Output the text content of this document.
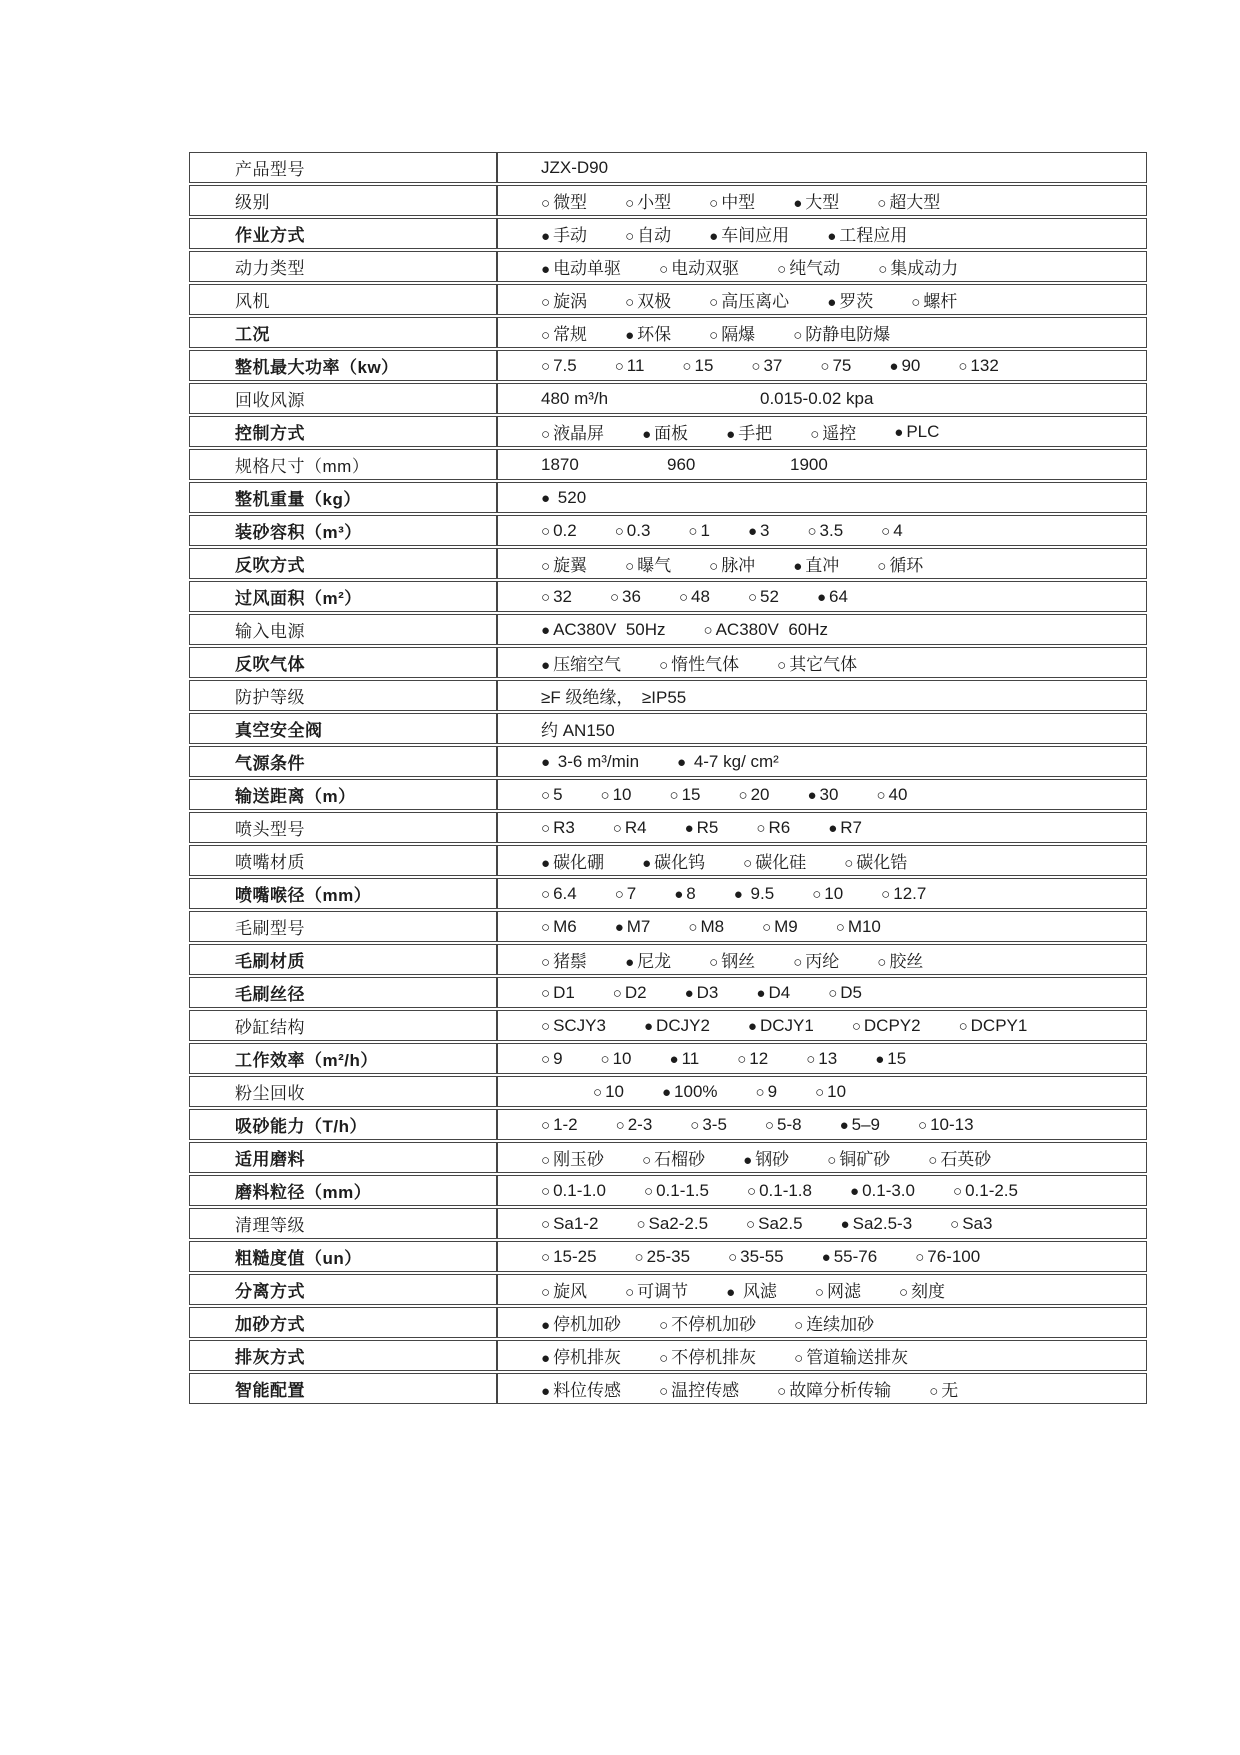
产品型号	JZX-D90

级别	○ 微型	○ 小型	○ 中型	● 大型	○ 超大型

作业方式	● 手动	○ 自动	● 车间应用	● 工程应用

动力类型	● 电动单驱	○ 电动双驱	○ 纯气动	○ 集成动力

风机	○ 旋涡	○ 双极	○ 高压离心	● 罗茨	○ 螺杆

工况	○ 常规	● 环保	○ 隔爆	○ 防静电防爆

整机最大功率（kw）	○ 7.5	○ 11	○ 15	○ 37	○ 75	● 90	○ 132

回收风源	480 m³/h 0.015-0.02 kpa

控制方式	○ 液晶屏	● 面板	● 手把	○ 遥控	● PLC

规格尺寸（mm）	1870 960 1900

整机重量（kg）	● 520

装砂容积（m³）	○ 0.2	○ 0.3	○ 1	● 3	○ 3.5	○ 4

反吹方式	○ 旋翼	○ 曝气	○ 脉冲	● 直冲	○ 循环

过风面积（m²）	○ 32	○ 36	○ 48	○ 52	● 64

输入电源	● AC380V  50Hz ○ AC380V  60Hz

反吹气体	● 压缩空气	○ 惰性气体	○ 其它气体

防护等级	≥F 级绝缘，　≥IP55

真空安全阀	约 AN150

气源条件	● 3-6 m³/min ● 4-7 kg/ cm²

输送距离（m）	○ 5	○ 10	○ 15	○ 20	● 30	○ 40

喷头型号	○ R3	○ R4	● R5	○ R6	● R7

喷嘴材质	● 碳化硼	● 碳化钨	○ 碳化硅	○ 碳化锆

喷嘴喉径（mm）	○ 6.4	○ 7	● 8	● 9.5	○ 10	○ 12.7

毛刷型号	○ M6	● M7	○ M8	○ M9	○ M10

毛刷材质	○ 猪鬃	● 尼龙	○ 钢丝	○ 丙纶	○ 胶丝

毛刷丝径	○ D1	○ D2	● D3	● D4	○ D5

砂缸结构	○ SCJY3	● DCJY2	● DCJY1	○ DCPY2	○ DCPY1

工作效率（m²/h）	○ 9	○ 10	● 11	○ 12	○ 13	● 15

粉尘回收	○ 10	● 100%	○ 9	○ 10

吸砂能力（T/h）	○ 1-2	○ 2-3	○ 3-5	○ 5-8	● 5–9	○ 10-13

适用磨料	○ 刚玉砂	○ 石榴砂	● 钢砂	○ 铜矿砂	○ 石英砂

磨料粒径（mm）	○ 0.1-1.0	○ 0.1-1.5	○ 0.1-1.8	● 0.1-3.0	○ 0.1-2.5

清理等级	○ Sa1-2	○ Sa2-2.5	○ Sa2.5	● Sa2.5-3	○ Sa3

粗糙度值（un）	○ 15-25	○ 25-35	○ 35-55	● 55-76	○ 76-100

分离方式	○ 旋风	○ 可调节	● 风滤	○ 网滤	○ 刻度

加砂方式	● 停机加砂	○ 不停机加砂	○ 连续加砂

排灰方式	● 停机排灰	○ 不停机排灰	○ 管道输送排灰

智能配置	● 料位传感	○ 温控传感	○ 故障分析传输	○ 无
